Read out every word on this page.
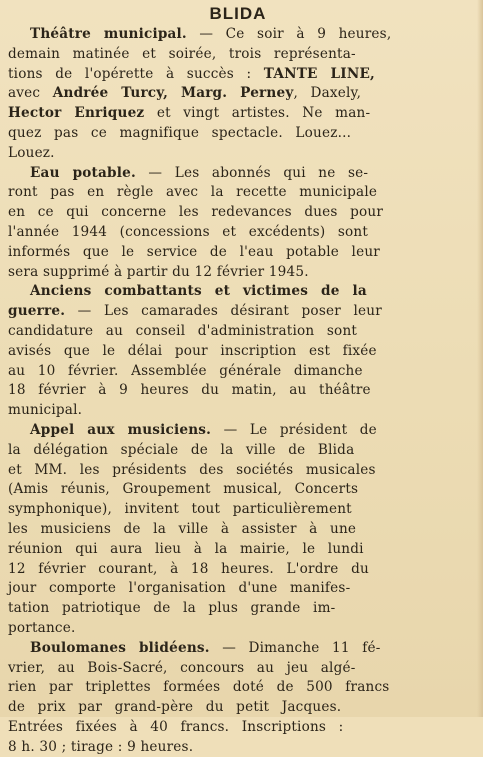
BLIDA
Théâtre municipal. — Ce soir à 9 heures,
demain matinée et soirée, trois représenta-
tions de l'opérette à succès : TANTE LINE,
avec Andrée Turcy, Marg. Perney, Daxely,
Hector Enriquez et vingt artistes. Ne man-
quez pas ce magnifique spectacle. Louez...
Louez.
Eau potable. — Les abonnés qui ne se-
ront pas en règle avec la recette municipale
en ce qui concerne les redevances dues pour
l'année 1944 (concessions et excédents) sont
informés que le service de l'eau potable leur
sera supprimé à partir du 12 février 1945.
Anciens combattants et victimes de la
guerre. — Les camarades désirant poser leur
candidature au conseil d'administration sont
avisés que le délai pour inscription est fixée
au 10 février. Assemblée générale dimanche
18 février à 9 heures du matin, au théâtre
municipal.
Appel aux musiciens. — Le président de
la délégation spéciale de la ville de Blida
et MM. les présidents des sociétés musicales
(Amis réunis, Groupement musical, Concerts
symphonique), invitent tout particulièrement
les musiciens de la ville à assister à une
réunion qui aura lieu à la mairie, le lundi
12 février courant, à 18 heures. L'ordre du
jour comporte l'organisation d'une manifes-
tation patriotique de la plus grande im-
portance.
Boulomanes blidéens. — Dimanche 11 fé-
vrier, au Bois-Sacré, concours au jeu algé-
rien par triplettes formées doté de 500 francs
de prix par grand-père du petit Jacques.
Entrées fixées à 40 francs. Inscriptions :
8 h. 30 ; tirage : 9 heures.
